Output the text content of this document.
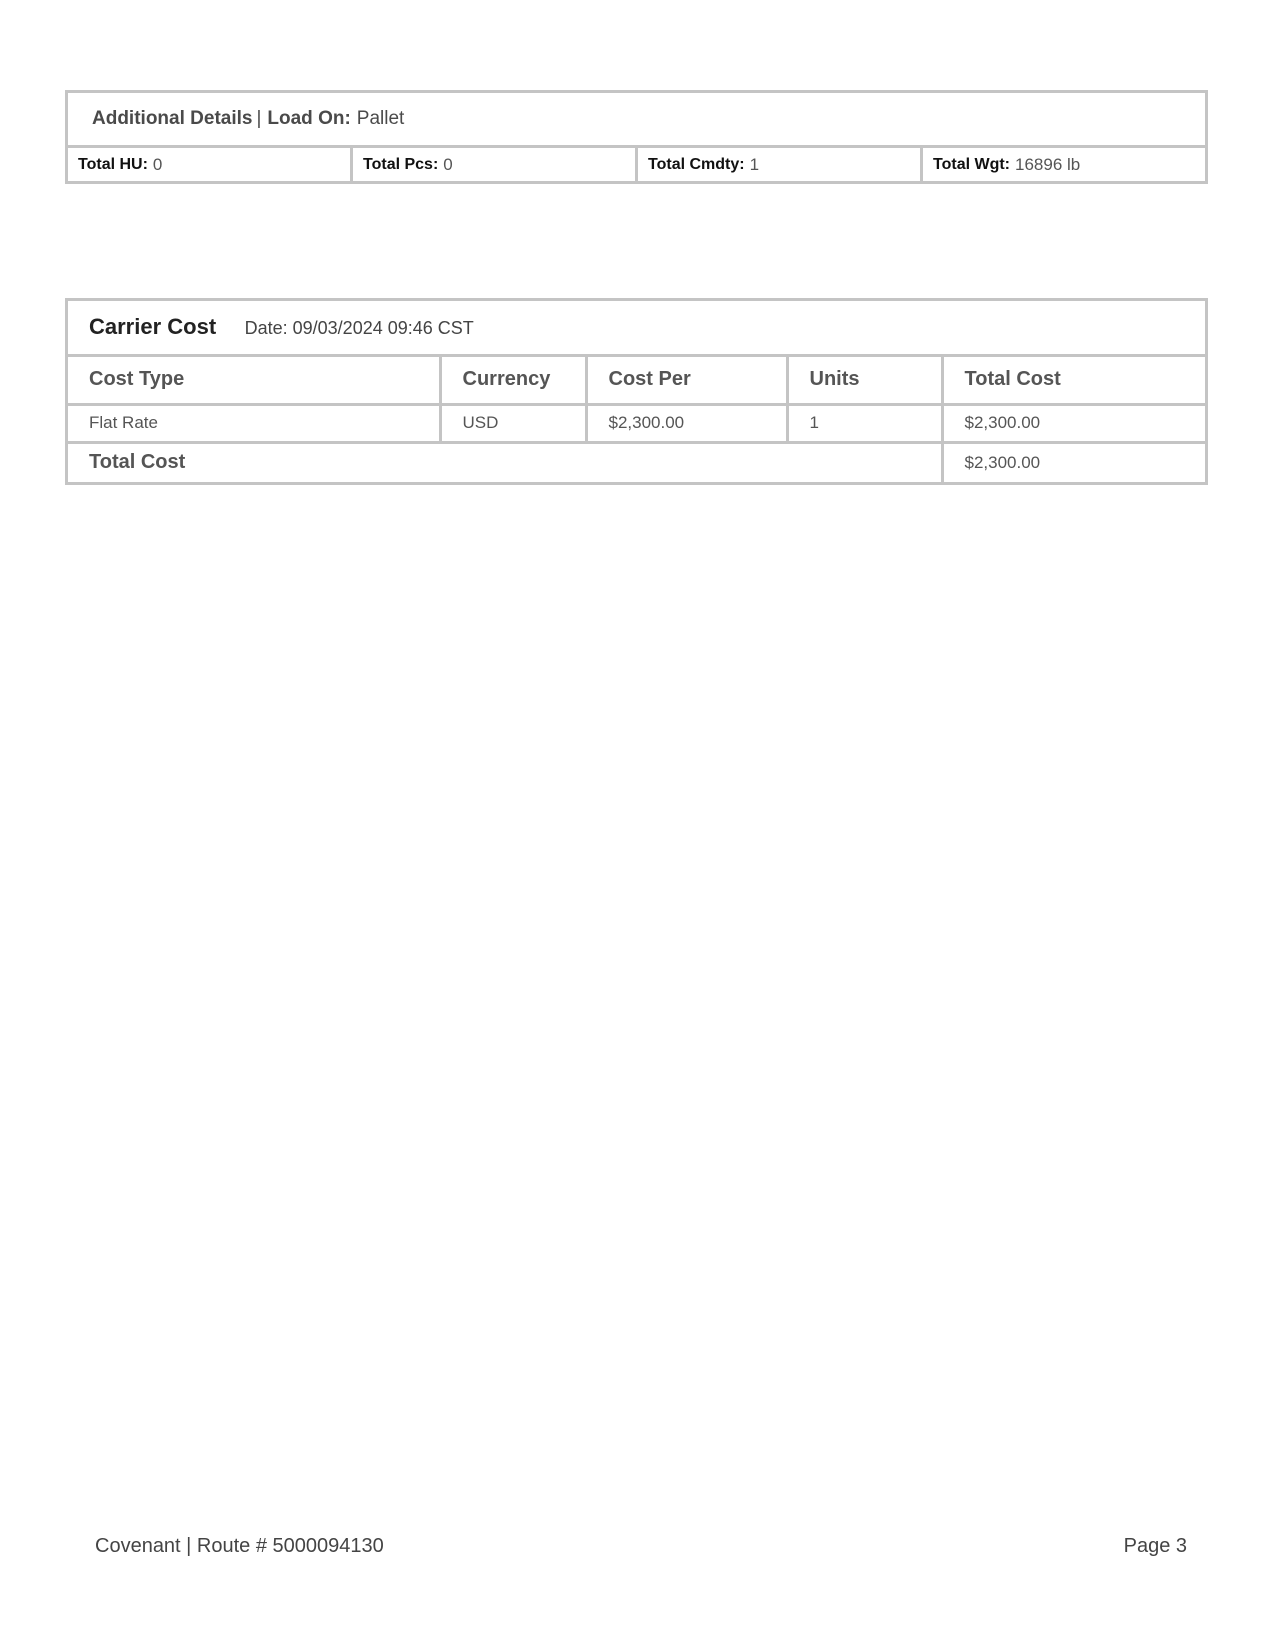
Additional Details | Load On: Pallet
Total HU: 0	Total Pcs: 0	Total Cmdty: 1	Total Wgt: 16896 lb
Carrier Cost Date: 09/03/2024 09:46 CST				
Cost Type	Currency	Cost Per	Units	Total Cost
Flat Rate	USD	$2,300.00	1	$2,300.00
Total Cost				$2,300.00
Covenant | Route # 5000094130	Page 3
